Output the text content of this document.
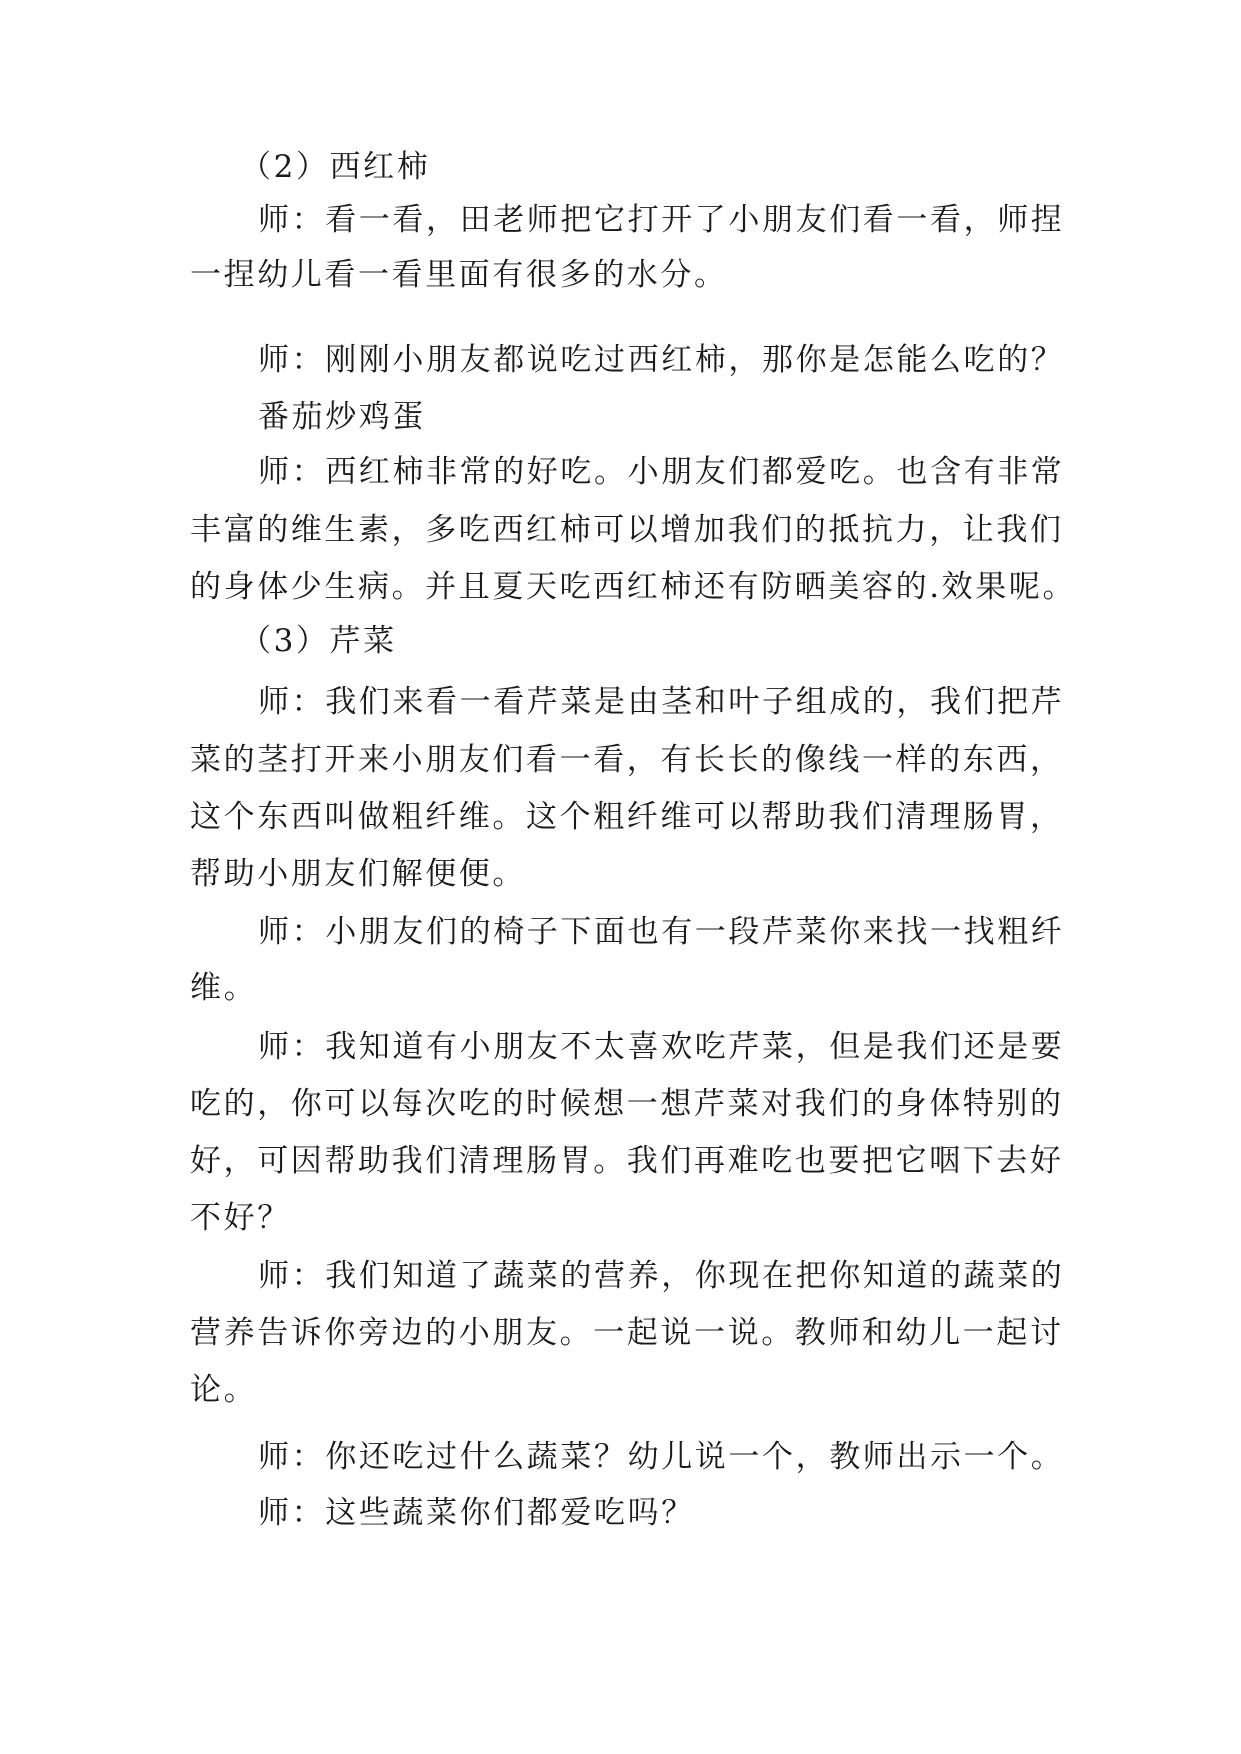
（2）西红柿

师：看一看，田老师把它打开了小朋友们看一看，师捏

一捏幼儿看一看里面有很多的水分。

师：刚刚小朋友都说吃过西红柿，那你是怎能么吃的？

番茄炒鸡蛋

师：西红柿非常的好吃。小朋友们都爱吃。也含有非常

丰富的维生素，多吃西红柿可以增加我们的抵抗力，让我们

的身体少生病。并且夏天吃西红柿还有防晒美容的.效果呢。

（3）芹菜

师：我们来看一看芹菜是由茎和叶子组成的，我们把芹

菜的茎打开来小朋友们看一看，有长长的像线一样的东西，

这个东西叫做粗纤维。这个粗纤维可以帮助我们清理肠胃，

帮助小朋友们解便便。

师：小朋友们的椅子下面也有一段芹菜你来找一找粗纤

维。

师：我知道有小朋友不太喜欢吃芹菜，但是我们还是要

吃的，你可以每次吃的时候想一想芹菜对我们的身体特别的

好，可因帮助我们清理肠胃。我们再难吃也要把它咽下去好

不好？

师：我们知道了蔬菜的营养，你现在把你知道的蔬菜的

营养告诉你旁边的小朋友。一起说一说。教师和幼儿一起讨

论。

师：你还吃过什么蔬菜？幼儿说一个，教师出示一个。

师：这些蔬菜你们都爱吃吗？
